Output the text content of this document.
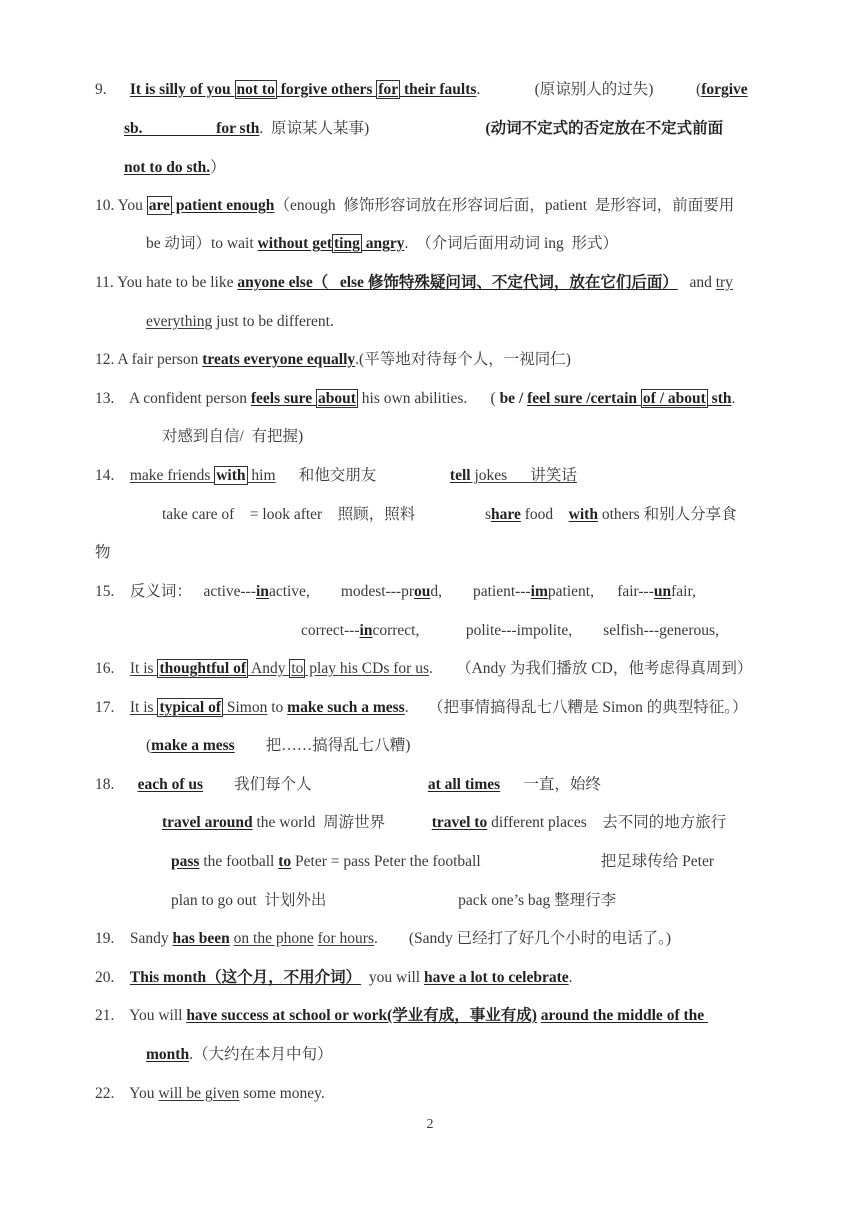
9. It is silly of you not to forgive others for their faults.              (原谅别人的过失)           (forgive
sb.                   for sth.  原谅某人某事)	(动词不定式的否定放在不定式前面
not to do sth.）
10. You are patient enough（enough  修饰形容词放在形容词后面，patient  是形容词，前面要用
be 动词）to wait without get ting angry.  （介词后面用动词 ing  形式）
11. You hate to be like anyone else（   else 修饰特殊疑问词、不定代词，放在它们后面）   and try
everything just to be different.
12. A fair person treats everyone equally.(平等地对待每个人，一视同仁)
13.    A confident person feels sure about his own abilities.      ( be / feel sure /certain of / about sth.
对感到自信/  有把握)
14.    make friends with him      和他交朋友                   tell jokes      讲笑话
take care of    = look after    照顾，照料                  share food    with others 和别人分享食
物
15.    反义词：   active---inactive,        modest---proud,        patient---impatient,      fair---unfair,
correct---incorrect,            polite---impolite,        selfish---generous,
16.    It is thoughtful of Andy to play his CDs for us.      （Andy 为我们播放 CD，他考虑得真周到）
17.    It is typical of Simon to make such a mess.     （把事情搞得乱七八糟是 Simon 的典型特征。）
(make a mess        把……搞得乱七八糟)
18.      each of us        我们每个人                              at all times      一直，始终
travel around the world  周游世界            travel to different places    去不同的地方旅行
pass the football to Peter = pass Peter the football                               把足球传给 Peter
plan to go out  计划外出                                  pack one’s bag 整理行李
19.    Sandy has been on the phone for hours.        (Sandy 已经打了好几个小时的电话了。)
20.    This month（这个月，不用介词）  you will have a lot to celebrate.
21.    You will have success at school or work(学业有成，事业有成) around the middle of the
month.（大约在本月中旬）
22.    You will be given some money.
2
